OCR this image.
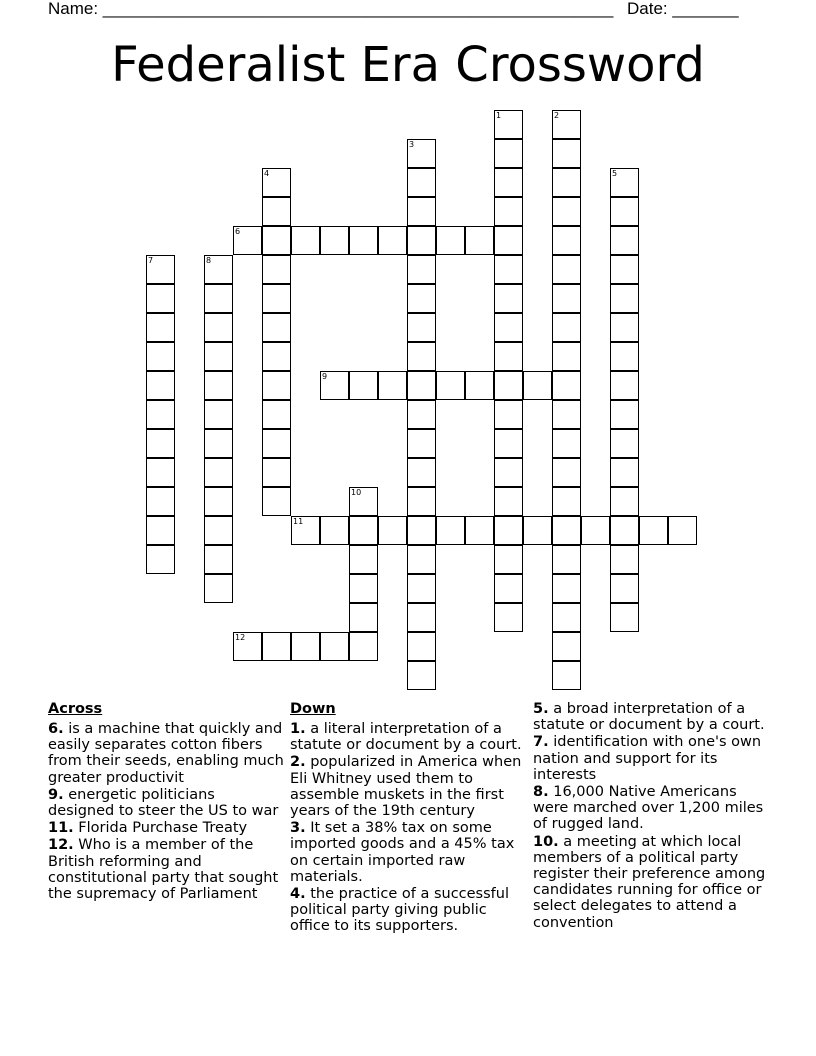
Name: ______________________________________________________ Date: _______
Federalist Era Crossword
1	2
3
4	5
6
7	8
9
10
11
12
Across
6. is a machine that quickly and easily separates cotton fibers from their seeds, enabling much greater productivit
9. energetic politicians designed to steer the US to war
11. Florida Purchase Treaty
12. Who is a member of the British reforming and constitutional party that sought the supremacy of Parliament
Down
1. a literal interpretation of a statute or document by a court.
2. popularized in America when Eli Whitney used them to assemble muskets in the first years of the 19th century
3. It set a 38% tax on some imported goods and a 45% tax on certain imported raw materials.
4. the practice of a successful political party giving public office to its supporters.
5. a broad interpretation of a statute or document by a court.
7. identification with one's own nation and support for its interests
8. 16,000 Native Americans were marched over 1,200 miles of rugged land.
10. a meeting at which local members of a political party register their preference among candidates running for office or select delegates to attend a convention
